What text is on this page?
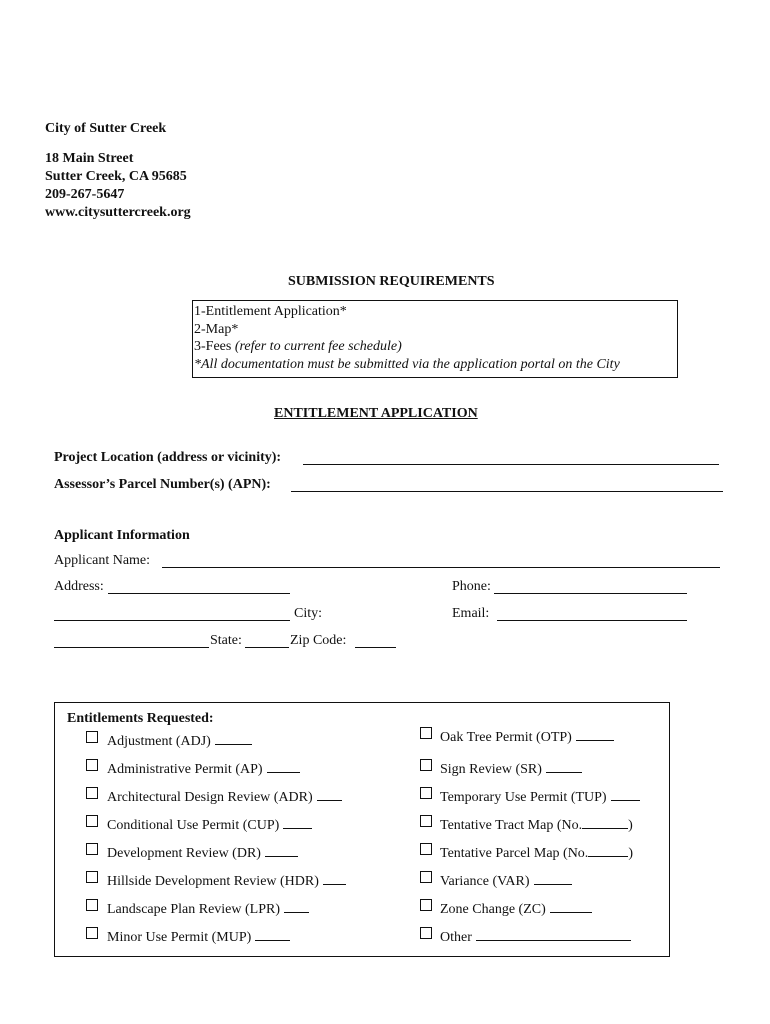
City of Sutter Creek
18 Main Street
Sutter Creek, CA 95685
209-267-5647
www.citysuttercreek.org
SUBMISSION REQUIREMENTS
1-Entitlement Application*
2-Map*
3-Fees (refer to current fee schedule)
*All documentation must be submitted via the application portal on the City
ENTITLEMENT APPLICATION
Project Location (address or vicinity):
Assessor’s Parcel Number(s) (APN):
Applicant Information
Applicant Name:
Address:	Phone:
City:	Email:
State:	Zip Code:
Entitlements Requested:
Adjustment (ADJ)
Administrative Permit (AP)
Architectural Design Review (ADR)
Conditional Use Permit (CUP)
Development Review (DR)
Hillside Development Review (HDR)
Landscape Plan Review (LPR)
Minor Use Permit (MUP)
Oak Tree Permit (OTP)
Sign Review (SR)
Temporary Use Permit (TUP)
Tentative Tract Map (No.	)
Tentative Parcel Map (No.	)
Variance (VAR)
Zone Change (ZC)
Other
